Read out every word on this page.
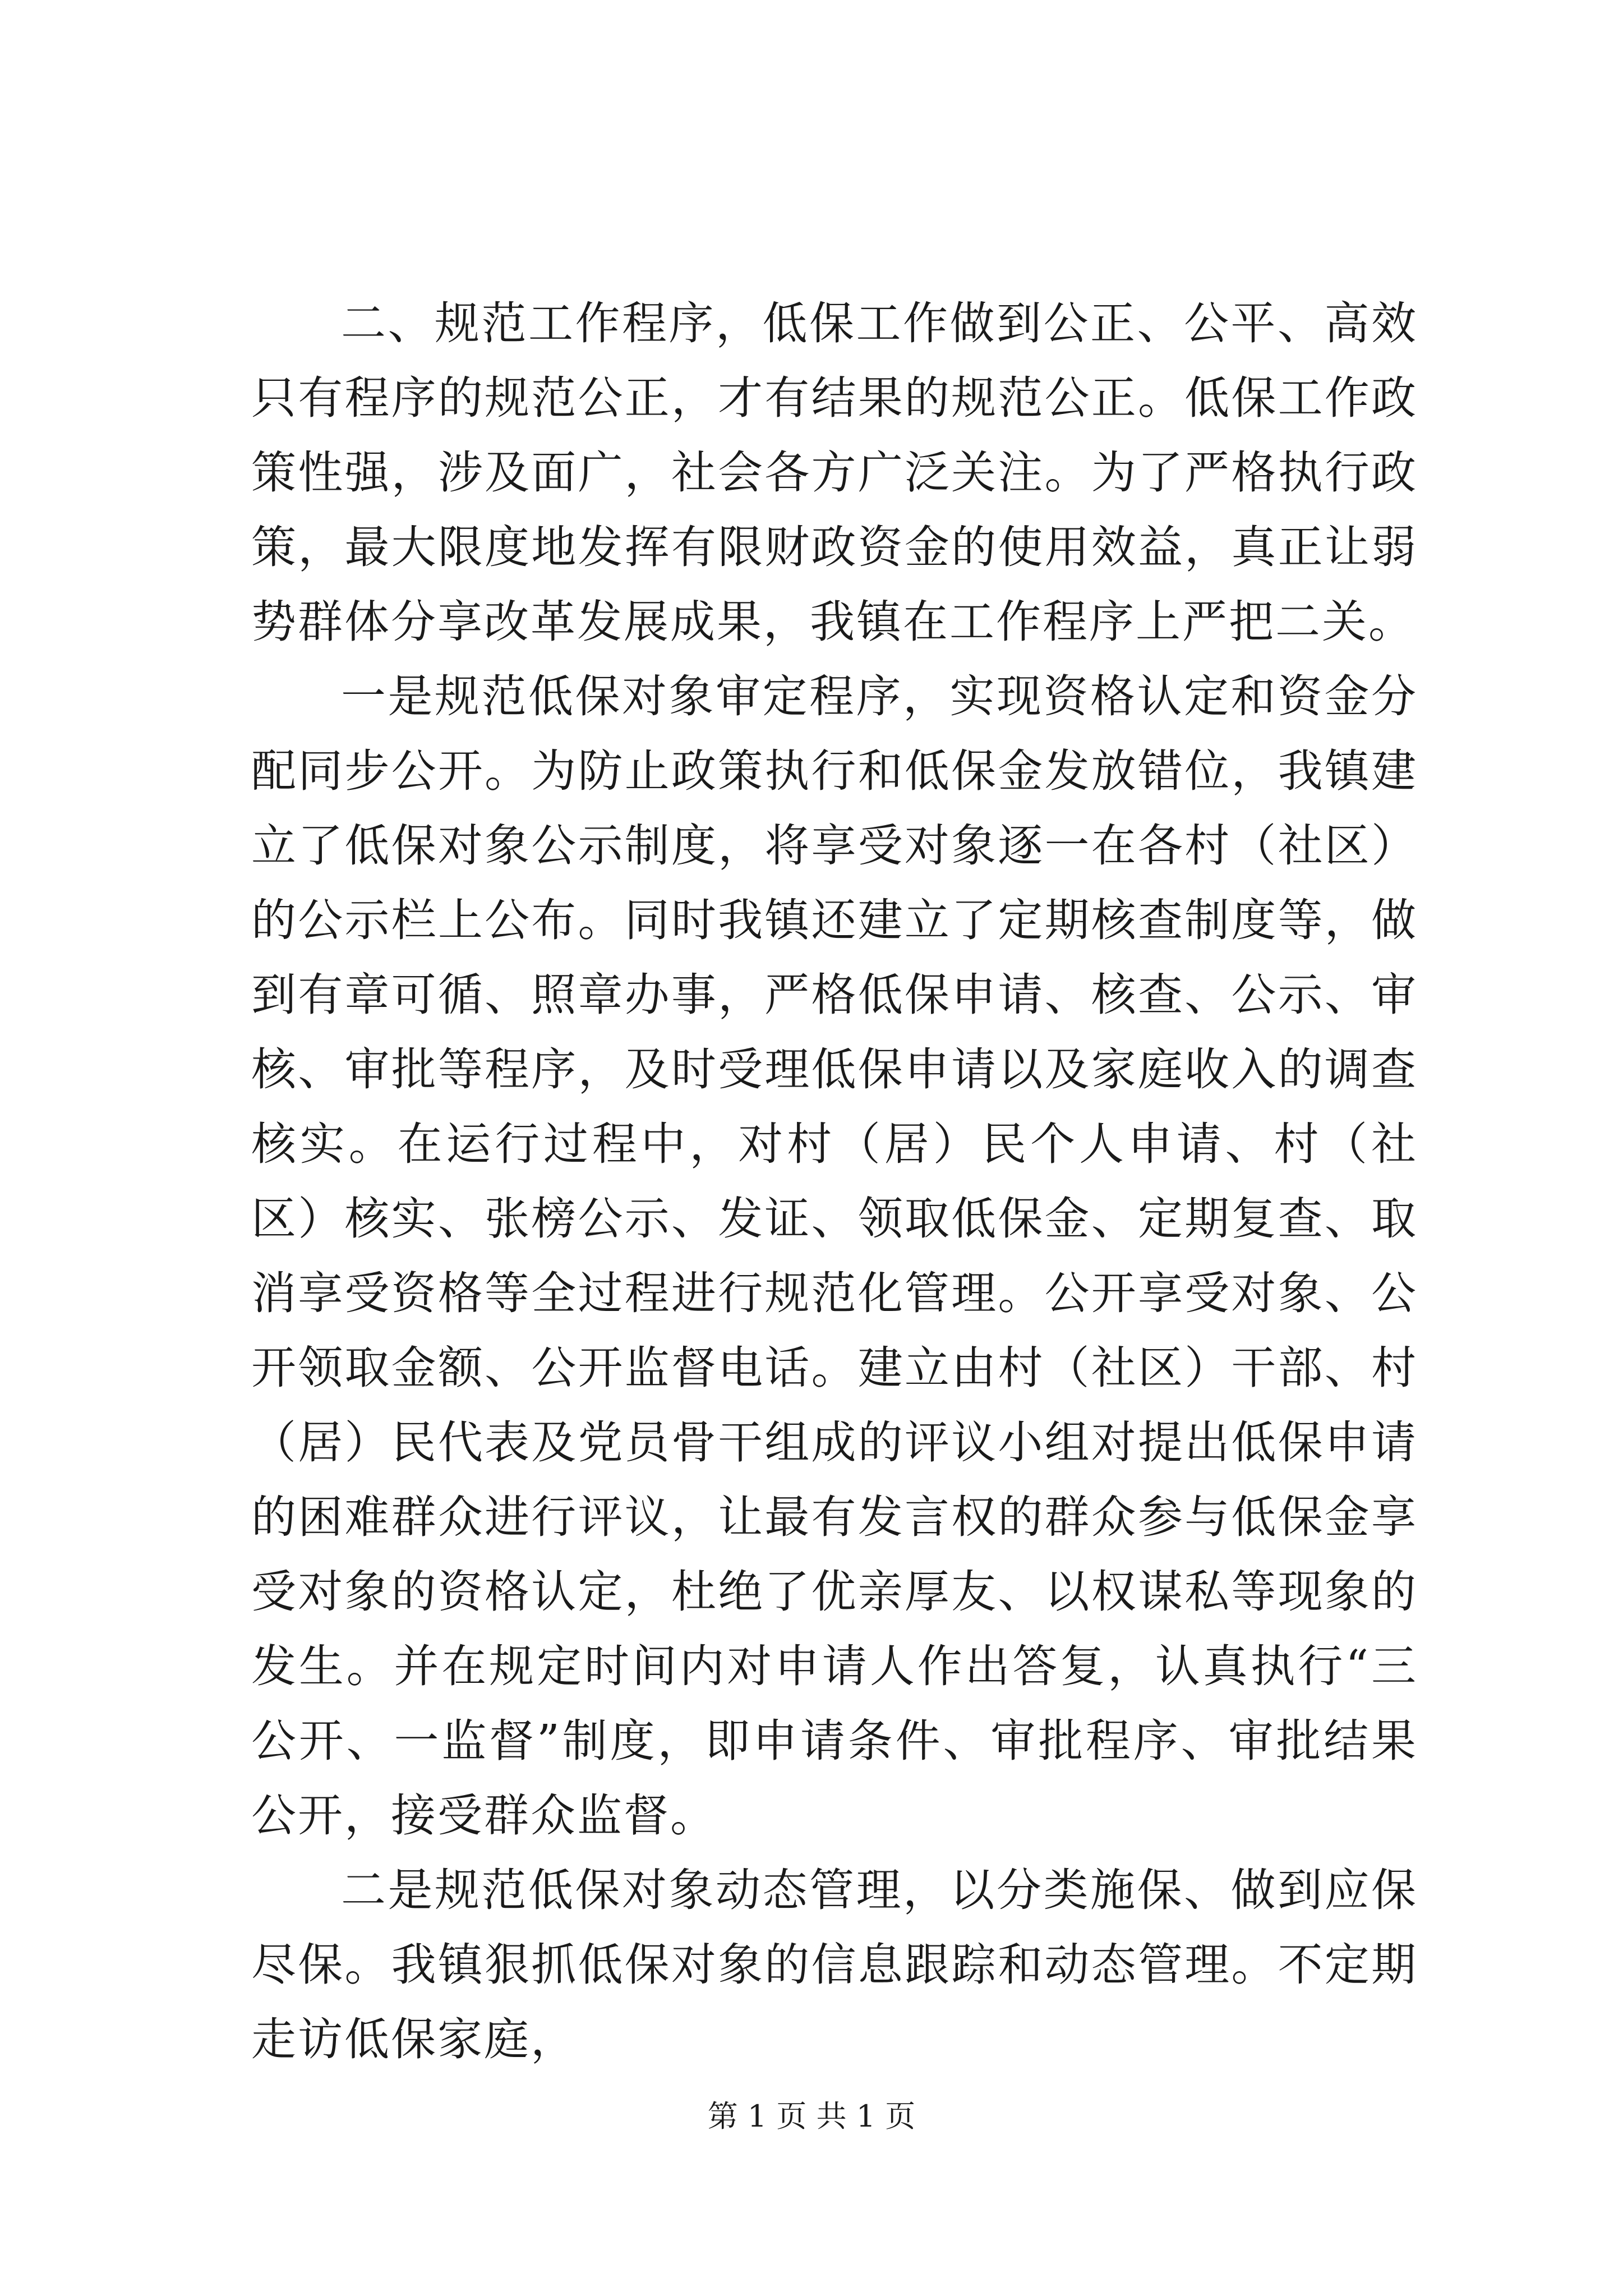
二、规范工作程序，低保工作做到公正、公平、高效只有程序的规范公正，才有结果的规范公正。低保工作政策性强，涉及面广，社会各方广泛关注。为了严格执行政策，最大限度地发挥有限财政资金的使用效益，真正让弱势群体分享改革发展成果，我镇在工作程序上严把二关。

一是规范低保对象审定程序，实现资格认定和资金分配同步公开。为防止政策执行和低保金发放错位，我镇建立了低保对象公示制度，将享受对象逐一在各村（社区）的公示栏上公布。同时我镇还建立了定期核查制度等，做到有章可循、照章办事，严格低保申请、核查、公示、审核、审批等程序，及时受理低保申请以及家庭收入的调查核实。在运行过程中，对村（居）民个人申请、村（社区）核实、张榜公示、发证、领取低保金、定期复查、取消享受资格等全过程进行规范化管理。公开享受对象、公开领取金额、公开监督电话。建立由村（社区）干部、村（居）民代表及党员骨干组成的评议小组对提出低保申请的困难群众进行评议，让最有发言权的群众参与低保金享受对象的资格认定，杜绝了优亲厚友、以权谋私等现象的发生。并在规定时间内对申请人作出答复，认真执行“三公开、一监督”制度，即申请条件、审批程序、审批结果公开，接受群众监督。

二是规范低保对象动态管理，以分类施保、做到应保尽保。我镇狠抓低保对象的信息跟踪和动态管理。不定期走访低保家庭，

第 1 页 共 1 页
